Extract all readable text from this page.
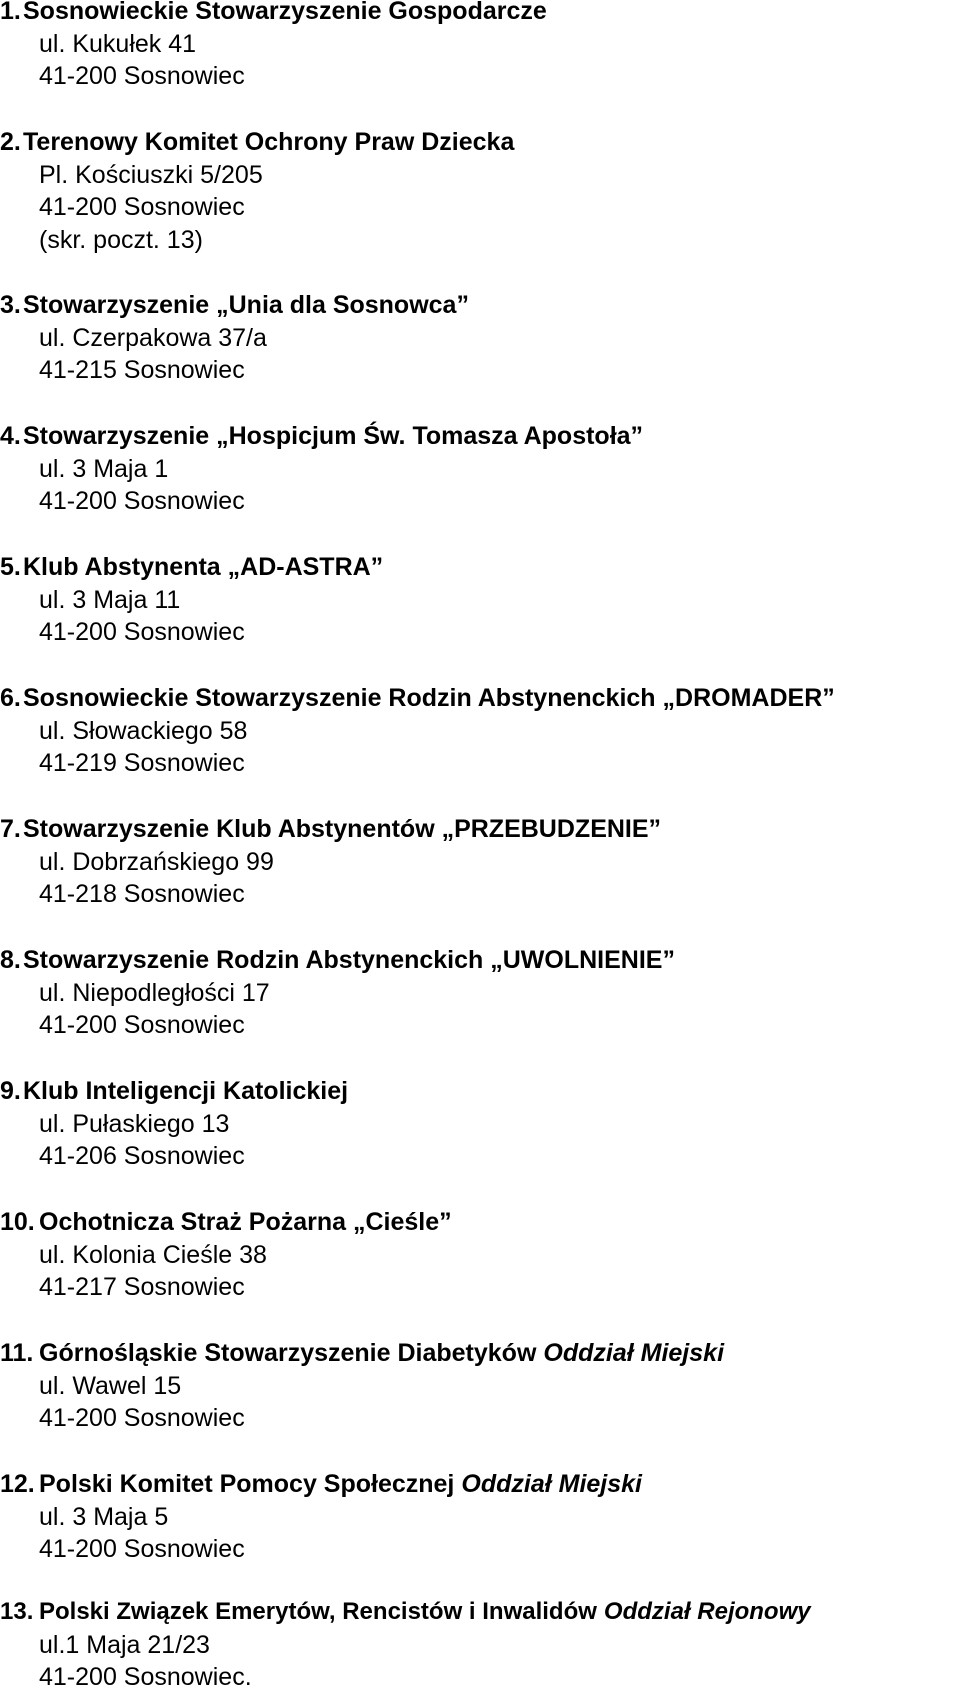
1. Sosnowieckie Stowarzyszenie Gospodarcze
ul. Kukułek 41
41-200 Sosnowiec
2. Terenowy Komitet Ochrony Praw Dziecka
Pl. Kościuszki 5/205
41-200 Sosnowiec
(skr. poczt. 13)
3. Stowarzyszenie „Unia dla Sosnowca”
ul. Czerpakowa 37/a
41-215 Sosnowiec
4. Stowarzyszenie „Hospicjum Św. Tomasza Apostoła”
ul. 3 Maja 1
41-200 Sosnowiec
5. Klub Abstynenta „AD-ASTRA”
ul. 3 Maja 11
41-200 Sosnowiec
6. Sosnowieckie Stowarzyszenie Rodzin Abstynenckich „DROMADER”
ul. Słowackiego 58
41-219 Sosnowiec
7. Stowarzyszenie Klub Abstynentów „PRZEBUDZENIE”
ul. Dobrzańskiego 99
41-218 Sosnowiec
8. Stowarzyszenie Rodzin Abstynenckich „UWOLNIENIE”
ul. Niepodległości 17
41-200 Sosnowiec
9. Klub Inteligencji Katolickiej
ul. Pułaskiego 13
41-206 Sosnowiec
10. Ochotnicza Straż Pożarna „Cieśle”
ul. Kolonia Cieśle 38
41-217 Sosnowiec
11. Górnośląskie Stowarzyszenie Diabetyków Oddział Miejski
ul. Wawel 15
41-200 Sosnowiec
12. Polski Komitet Pomocy Społecznej Oddział Miejski
ul. 3 Maja 5
41-200 Sosnowiec
13. Polski Związek Emerytów, Rencistów i Inwalidów Oddział Rejonowy
ul.1 Maja 21/23
41-200 Sosnowiec.
